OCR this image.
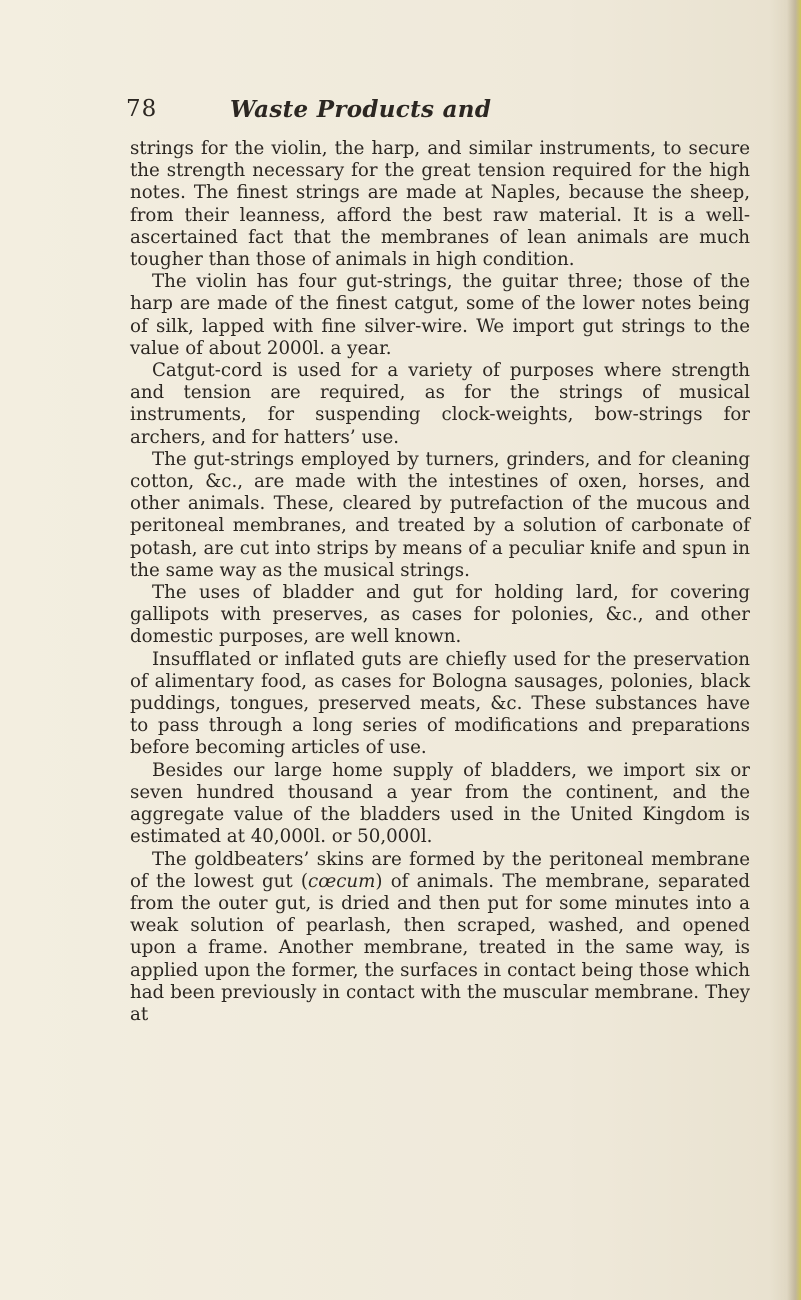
78	Waste Products and

strings for the violin, the harp, and similar instruments, to secure the strength necessary for the great tension required for the high notes. The finest strings are made at Naples, because the sheep, from their leanness, afford the best raw material. It is a well-ascertained fact that the membranes of lean animals are much tougher than those of animals in high condition.

The violin has four gut-strings, the guitar three; those of the harp are made of the finest catgut, some of the lower notes being of silk, lapped with fine silver-wire. We import gut strings to the value of about 2000l. a year.

Catgut-cord is used for a variety of purposes where strength and tension are required, as for the strings of musical instruments, for suspending clock-weights, bow-strings for archers, and for hatters’ use.

The gut-strings employed by turners, grinders, and for cleaning cotton, &c., are made with the intestines of oxen, horses, and other animals. These, cleared by putrefaction of the mucous and peritoneal membranes, and treated by a solution of carbonate of potash, are cut into strips by means of a peculiar knife and spun in the same way as the musical strings.

The uses of bladder and gut for holding lard, for covering gallipots with preserves, as cases for polonies, &c., and other domestic purposes, are well known.

Insufflated or inflated guts are chiefly used for the preservation of alimentary food, as cases for Bologna sausages, polonies, black puddings, tongues, preserved meats, &c. These substances have to pass through a long series of modifications and preparations before becoming articles of use.

Besides our large home supply of bladders, we import six or seven hundred thousand a year from the continent, and the aggregate value of the bladders used in the United Kingdom is estimated at 40,000l. or 50,000l.

The goldbeaters’ skins are formed by the peritoneal membrane of the lowest gut (cœcum) of animals. The membrane, separated from the outer gut, is dried and then put for some minutes into a weak solution of pearlash, then scraped, washed, and opened upon a frame. Another membrane, treated in the same way, is applied upon the former, the surfaces in contact being those which had been previously in contact with the muscular membrane. They at
